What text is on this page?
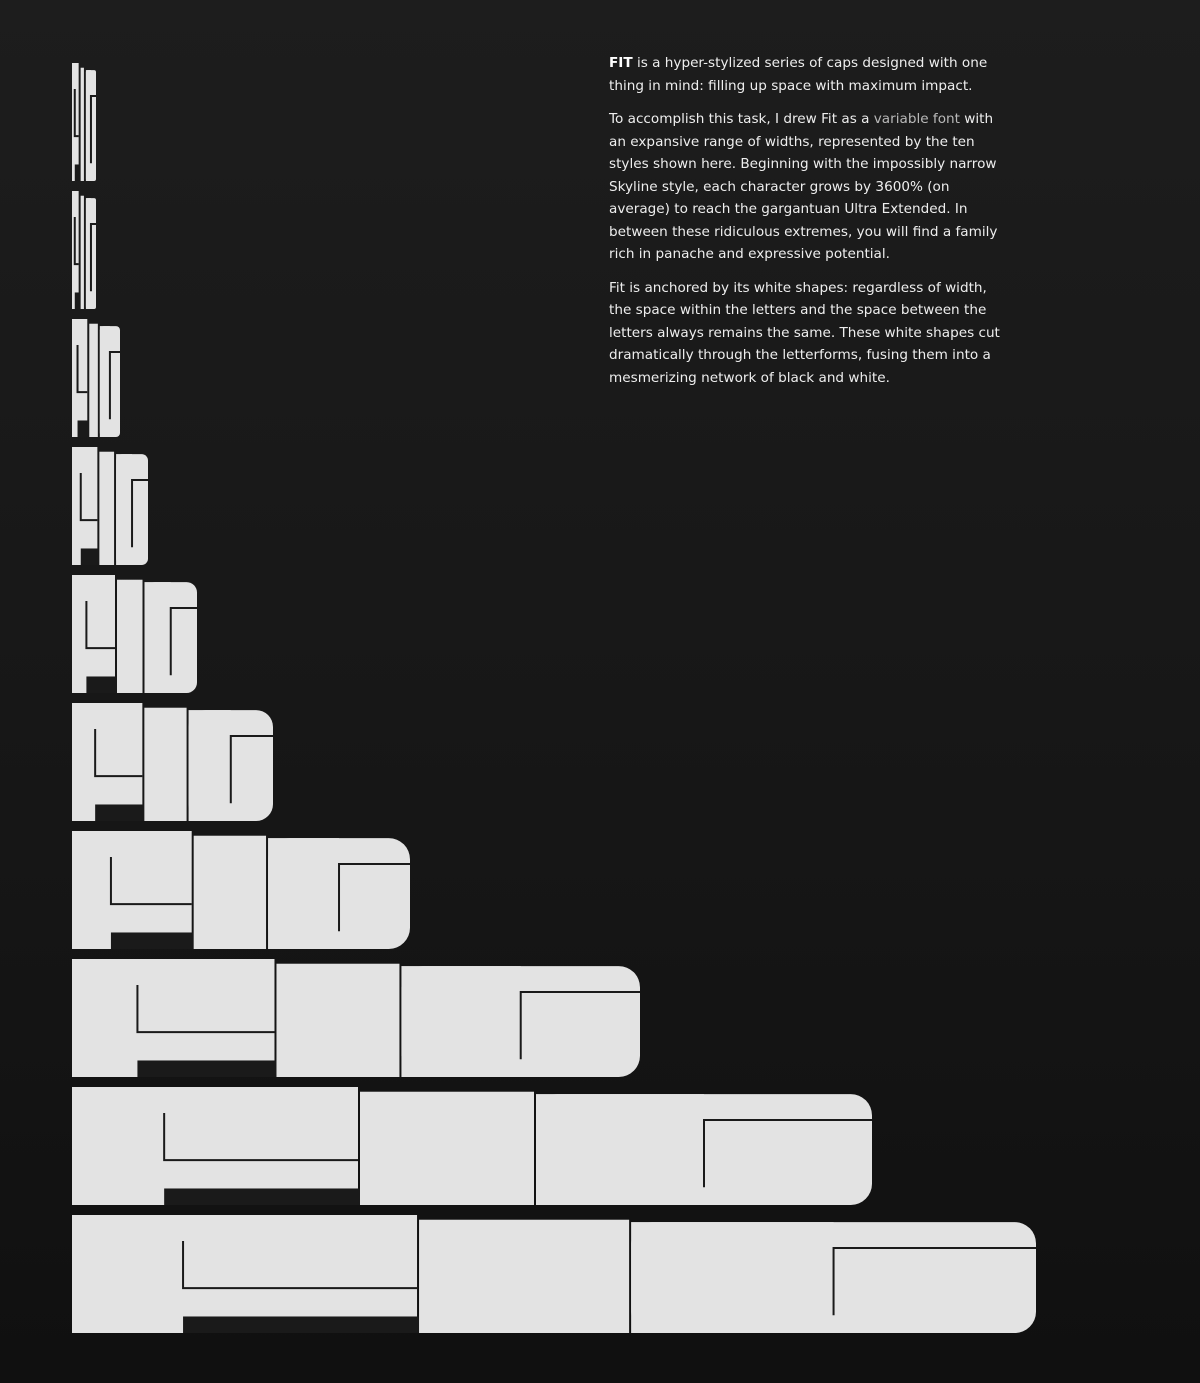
FIT is a hyper-stylized series of caps designed with one thing in mind: filling up space with maximum impact.

To accomplish this task, I drew Fit as a variable font with an expansive range of widths, represented by the ten styles shown here. Beginning with the impossibly narrow Skyline style, each character grows by 3600% (on average) to reach the gargantuan Ultra Extended. In between these ridiculous extremes, you will find a family rich in panache and expressive potential.

Fit is anchored by its white shapes: regardless of width, the space within the letters and the space between the letters always remains the same. These white shapes cut dramatically through the letterforms, fusing them into a mesmerizing network of black and white.
